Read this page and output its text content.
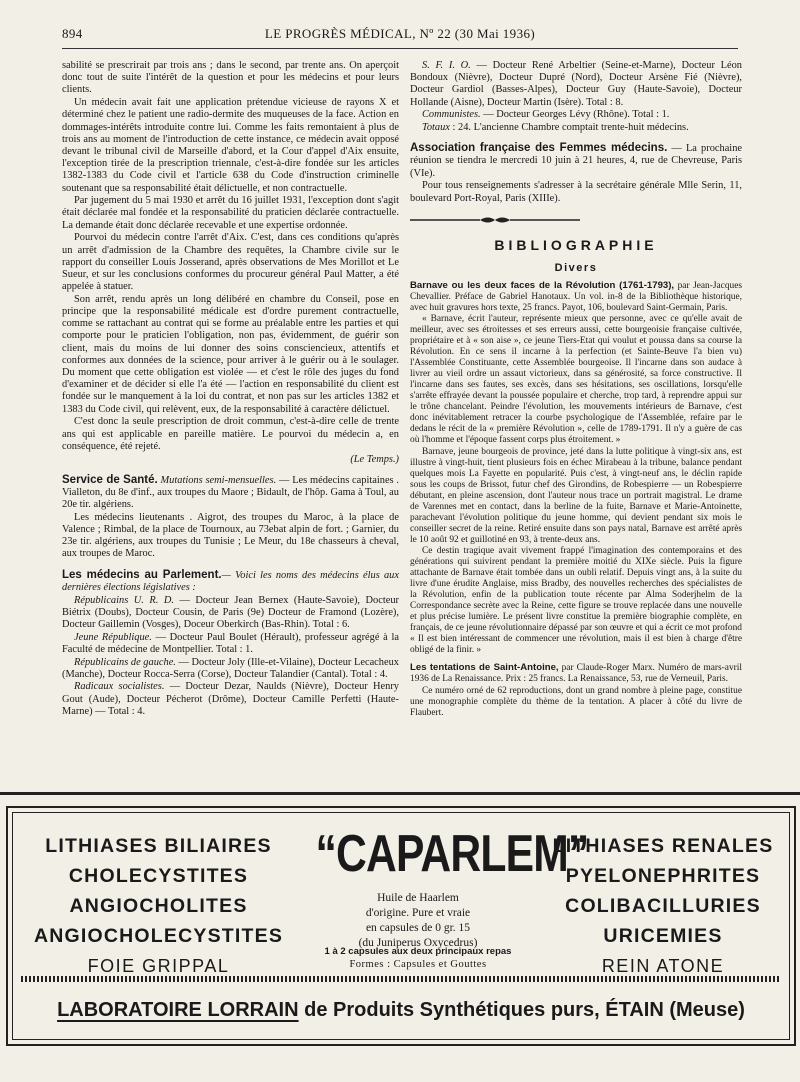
894	LE PROGRÈS MÉDICAL, Nº 22 (30 Mai 1936)

sabilité se prescrirait par trois ans ; dans le second, par trente ans. On aperçoit donc tout de suite l'intérêt de la question et pour les médecins et pour leurs clients.

Un médecin avait fait une application prétendue vicieuse de rayons X et déterminé chez le patient une radio-dermite des muqueuses de la face. Action en dommages-intérêts introduite contre lui. Comme les faits remontaient à plus de trois ans au moment de l'introduction de cette instance, ce médecin avait opposé devant le tribunal civil de Marseille d'abord, et la Cour d'appel d'Aix ensuite, l'exception tirée de la prescription triennale, c'est-à-dire fondée sur les articles 1382-1383 du Code civil et l'article 638 du Code d'instruction criminelle soutenant que sa responsabilité était délictuelle, et non contractuelle.

Par jugement du 5 mai 1930 et arrêt du 16 juillet 1931, l'exception dont s'agit était déclarée mal fondée et la responsabilité du praticien déclarée contractuelle. La demande était donc déclarée recevable et une expertise ordonnée.

Pourvoi du médecin contre l'arrêt d'Aix. C'est, dans ces conditions qu'après un arrêt d'admission de la Chambre des requêtes, la Chambre civile sur le rapport du conseiller Louis Josserand, après observations de Mes Morillot et Le Sueur, et sur les conclusions conformes du procureur général Paul Matter, a été appelée à statuer.

Son arrêt, rendu après un long délibéré en chambre du Conseil, pose en principe que la responsabilité médicale est d'ordre purement contractuelle, comme se rattachant au contrat qui se forme au préalable entre les parties et qui comporte pour le praticien l'obligation, non pas, évidemment, de guérir son client, mais du moins de lui donner des soins consciencieux, attentifs et conformes aux données de la science, pour arriver à le guérir ou à le soulager. Du moment que cette obligation est violée — et c'est le rôle des juges du fond d'examiner et de décider si elle l'a été — l'action en responsabilité du client est fondée sur le manquement à la loi du contrat, et non pas sur les articles 1382 et 1383 du Code civil, qui relèvent, eux, de la responsabilité à caractère délictuel.

C'est donc la seule prescription de droit commun, c'est-à-dire celle de trente ans qui est applicable en pareille matière. Le pourvoi du médecin a, en conséquence, été rejeté.

(Le Temps.)

Service de Santé. Mutations semi-mensuelles. — Les médecins capitaines . Vialleton, du 8e d'inf., aux troupes du Maore ; Bidault, de l'hôp. Gama à Toul, au 20e tir. algériens.

Les médecins lieutenants . Aigrot, des troupes du Maroc, à la place de Valence ; Rimbal, de la place de Tournoux, au 73ebat alpin de fort. ; Garnier, du 23e tir. algériens, aux troupes du Tunisie ; Le Meur, du 18e chasseurs à cheval, aux troupes de Maroc.

Les médecins au Parlement.— Voici les noms des médecins élus aux dernières élections législatives :

Républicains U. R. D. — Docteur Jean Bernex (Haute-Savoie), Docteur Biétrix (Doubs), Docteur Cousin, de Paris (9e) Docteur de Framond (Lozère), Docteur Gaillemin (Vosges), Doceur Oberkirch (Bas-Rhin). Total : 6.

Jeune République. — Docteur Paul Boulet (Hérault), professeur agrégé à la Faculté de médecine de Montpellier. Total : 1.

Républicains de gauche. — Docteur Joly (Ille-et-Vilaine), Docteur Lecacheux (Manche), Docteur Rocca-Serra (Corse), Docteur Talandier (Cantal). Total : 4.

Radicaux socialistes. — Docteur Dezar, Naulds (Nièvre), Docteur Henry Gout (Aude), Docteur Pécherot (Drôme), Docteur Camille Perfetti (Haute-Marne) — Total : 4.

S. F. I. O. — Docteur René Arbeltier (Seine-et-Marne), Docteur Léon Bondoux (Nièvre), Docteur Dupré (Nord), Docteur Arsène Fié (Nièvre), Docteur Gardiol (Basses-Alpes), Docteur Guy (Haute-Savoie), Docteur Hollande (Aisne), Docteur Martin (Isère). Total : 8.

Communistes. — Docteur Georges Lévy (Rhône). Total : 1.

Totaux : 24. L'ancienne Chambre comptait trente-huit médecins.

Association française des Femmes médecins. — La prochaine réunion se tiendra le mercredi 10 juin à 21 heures, 4, rue de Chevreuse, Paris (VIe).

Pour tous renseignements s'adresser à la secrétaire générale Mlle Serin, 11, boulevard Port-Royal, Paris (XIIIe).

BIBLIOGRAPHIE
Divers

Barnave ou les deux faces de la Révolution (1761-1793), par Jean-Jacques Chevallier. Préface de Gabriel Hanotaux. Un vol. in-8 de la Bibliothèque historique, avec huit gravures hors texte, 25 francs. Payot, 106, boulevard Saint-Germain, Paris.

« Barnave, écrit l'auteur, représente mieux que personne, avec ce qu'elle avait de meilleur, avec ses étroitesses et ses erreurs aussi, cette bourgeoisie française cultivée, propriétaire et à « son aise », ce jeune Tiers-Etat qui voulut et poussa dans sa course la Révolution. En ce sens il incarne à la perfection (et Sainte-Beuve l'a bien vu) l'Assemblée Constituante, cette Assemblée bourgeoise. Il l'incarne dans son audace à livrer au vieil ordre un assaut victorieux, dans sa générosité, sa force constructive. Il l'incarne dans ses fautes, ses excès, dans ses hésitations, ses oscillations, lorsqu'elle s'arrête effrayée devant la poussée populaire et cherche, trop tard, à reprendre appui sur le trône chancelant. Peindre l'évolution, les mouvements intérieurs de Barnave, c'est donc inévitablement retracer la courbe psychologique de l'Assemblée, refaire par le dedans le récit de la « première Révolution », celle de 1789-1791. Il n'y a guère de cas où l'homme et l'époque fassent corps plus étroitement. »

Barnave, jeune bourgeois de province, jeté dans la lutte politique à vingt-six ans, est illustre à vingt-huit, tient plusieurs fois en échec Mirabeau à la tribune, balance pendant quelques mois La Fayette en popularité. Puis c'est, à vingt-neuf ans, le déclin rapide sous les coups de Brissot, futur chef des Girondins, de Robespierre — un Robespierre débutant, en pleine ascension, dont l'auteur nous trace un portrait magistral. Le drame de Varennes met en contact, dans la berline de la fuite, Barnave et Marie-Antoinette, parachevant l'évolution politique du jeune homme, qui devient pendant six mois le conseiller secret de la reine. Retiré ensuite dans son pays natal, Barnave est arrêté après le 10 août 92 et guillotiné en 93, à trente-deux ans.

Ce destin tragique avait vivement frappé l'imagination des contemporains et des générations qui suivirent pendant la première moitié du XIXe siècle. Puis la figure attachante de Barnave était tombée dans un oubli relatif. Depuis vingt ans, à la suite du livre d'une érudite Anglaise, miss Bradby, des nouvelles recherches des spécialistes de la Révolution, enfin de la publication toute récente par Alma Soderjhelm de la Correspondance secrète avec la Reine, cette figure se trouve replacée dans une nouvelle et plus précise lumière. Le présent livre constitue la première biographie complète, en français, de ce jeune révolutionnaire dépassé par son œuvre et qui a écrit ce mot profond « Il est bien intéressant de commencer une révolution, mais il est bien à charge d'être obligé de la finir. »

Les tentations de Saint-Antoine, par Claude-Roger Marx. Numéro de mars-avril 1936 de La Renaissance. Prix : 25 francs. La Renaissance, 53, rue de Verneuil, Paris.

Ce numéro orné de 62 reproductions, dont un grand nombre à pleine page, constitue une monographie complète du thème de la tentation. A placer à côté du livre de Flaubert.

LITHIASES BILIAIRES
CHOLECYSTITES
ANGIOCHOLITES
ANGIOCHOLECYSTITES
FOIE GRIPPAL
“CAPARLEM”
Huile de Haarlem
d'origine. Pure et vraie
en capsules de 0 gr. 15
(du Juniperus Oxycedrus)
1 à 2 capsules aux deux principaux repas
Formes : Capsules et Gouttes
LITHIASES RENALES
PYELONEPHRITES
COLIBACILLURIES
URICEMIES
REIN ATONE
LABORATOIRE LORRAIN de Produits Synthétiques purs, ÉTAIN (Meuse)
